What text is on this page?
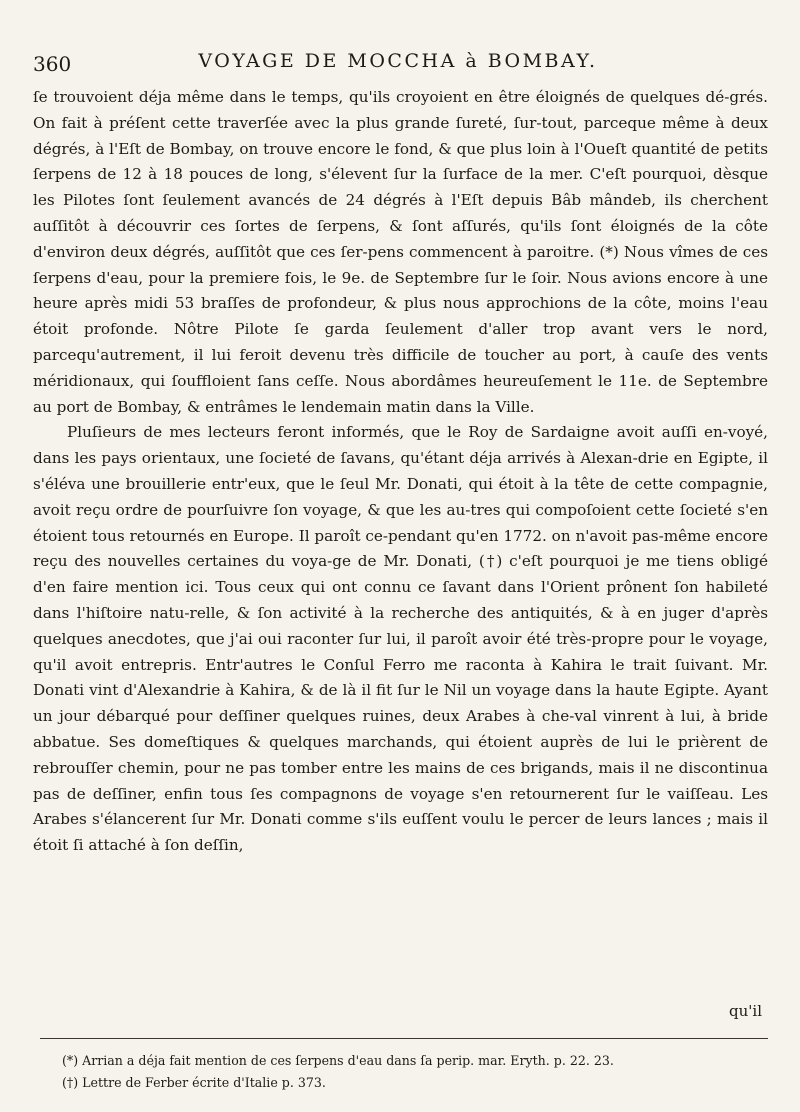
360	VOYAGE DE MOCCHA à BOMBAY.

ſe trouvoient déja même dans le temps, qu'ils croyoient en être éloignés de quelques dé-grés. On fait à préſent cette traverſée avec la plus grande ſureté, ſur-tout, parceque même à deux dégrés, à l'Eſt de Bombay, on trouve encore le fond, & que plus loin à l'Oueſt quantité de petits ſerpens de 12 à 18 pouces de long, s'élevent ſur la ſurface de la mer. C'eſt pourquoi, dèsque les Pilotes ſont ſeulement avancés de 24 dégrés à l'Eſt depuis Bâb mândeb, ils cherchent auſſitôt à découvrir ces ſortes de ſerpens, & ſont aſſurés, qu'ils ſont éloignés de la côte d'environ deux dégrés, auſſitôt que ces ſer-pens commencent à paroitre. (*) Nous vîmes de ces ſerpens d'eau, pour la premiere fois, le 9e. de Septembre ſur le ſoir. Nous avions encore à une heure après midi 53 braſſes de profondeur, & plus nous approchions de la côte, moins l'eau étoit profonde. Nôtre Pilote ſe garda ſeulement d'aller trop avant vers le nord, parcequ'autrement, il lui feroit devenu très difficile de toucher au port, à cauſe des vents méridionaux, qui ſouffloient ſans ceſſe. Nous abordâmes heureuſement le 11e. de Septembre au port de Bombay, & entrâmes le lendemain matin dans la Ville.

Pluſieurs de mes lecteurs feront informés, que le Roy de Sardaigne avoit auſſi en-voyé, dans les pays orientaux, une ſocieté de ſavans, qu'étant déja arrivés à Alexan-drie en Egipte, il s'éléva une brouillerie entr'eux, que le ſeul Mr. Donati, qui étoit à la tête de cette compagnie, avoit reçu ordre de pourſuivre ſon voyage, & que les au-tres qui compoſoient cette ſocieté s'en étoient tous retournés en Europe. Il paroît ce-pendant qu'en 1772. on n'avoit pas-même encore reçu des nouvelles certaines du voya-ge de Mr. Donati, (†) c'eſt pourquoi je me tiens obligé d'en faire mention ici. Tous ceux qui ont connu ce ſavant dans l'Orient prônent ſon habileté dans l'hiſtoire natu-relle, & ſon activité à la recherche des antiquités, & à en juger d'après quelques anecdotes, que j'ai oui raconter ſur lui, il paroît avoir été très-propre pour le voyage, qu'il avoit entrepris. Entr'autres le Conſul Ferro me raconta à Kahira le trait ſuivant. Mr. Donati vint d'Alexandrie à Kahira, & de là il fit ſur le Nil un voyage dans la haute Egipte. Ayant un jour débarqué pour deſſiner quelques ruines, deux Arabes à che-val vinrent à lui, à bride abbatue. Ses domeſtiques & quelques marchands, qui étoient auprès de lui le prièrent de rebrouſſer chemin, pour ne pas tomber entre les mains de ces brigands, mais il ne discontinua pas de deſſiner, enfin tous ſes compagnons de voyage s'en retournerent ſur le vaiſſeau. Les Arabes s'élancerent ſur Mr. Donati comme s'ils euſſent voulu le percer de leurs lances ; mais il étoit ſi attaché à ſon deſſin,

qu'il
(*) Arrian a déja fait mention de ces ſerpens d'eau dans ſa perip. mar. Eryth. p. 22. 23.
(†) Lettre de Ferber écrite d'Italie p. 373.
